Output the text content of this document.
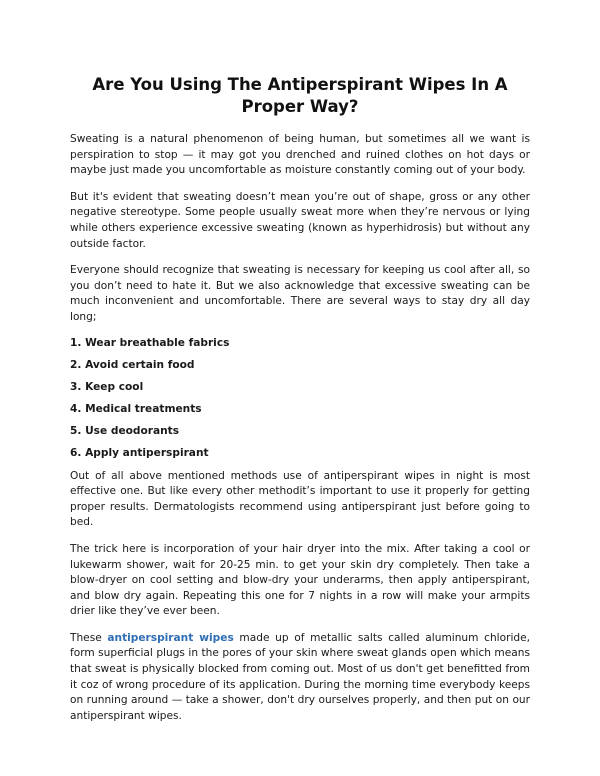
Are You Using The Antiperspirant Wipes In A Proper Way?

Sweating is a natural phenomenon of being human, but sometimes all we want is perspiration to stop — it may got you drenched and ruined clothes on hot days or maybe just made you uncomfortable as moisture constantly coming out of your body.

But it's evident that sweating doesn’t mean you’re out of shape, gross or any other negative stereotype. Some people usually sweat more when they’re nervous or lying while others experience excessive sweating (known as hyperhidrosis) but without any outside factor.

Everyone should recognize that sweating is necessary for keeping us cool after all, so you don’t need to hate it. But we also acknowledge that excessive sweating can be much inconvenient and uncomfortable. There are several ways to stay dry all day long;

1. Wear breathable fabrics
2. Avoid certain food
3. Keep cool
4. Medical treatments
5. Use deodorants
6. Apply antiperspirant

Out of all above mentioned methods use of antiperspirant wipes in night is most effective one. But like every other methodit’s important to use it properly for getting proper results. Dermatologists recommend using antiperspirant just before going to bed.

The trick here is incorporation of your hair dryer into the mix. After taking a cool or lukewarm shower, wait for 20-25 min. to get your skin dry completely. Then take a blow-dryer on cool setting and blow-dry your underarms, then apply antiperspirant, and blow dry again. Repeating this one for 7 nights in a row will make your armpits drier like they’ve ever been.

These antiperspirant wipes made up of metallic salts called aluminum chloride, form superficial plugs in the pores of your skin where sweat glands open which means that sweat is physically blocked from coming out. Most of us don't get benefitted from it coz of wrong procedure of its application. During the morning time everybody keeps on running around — take a shower, don't dry ourselves properly, and then put on our antiperspirant wipes.
